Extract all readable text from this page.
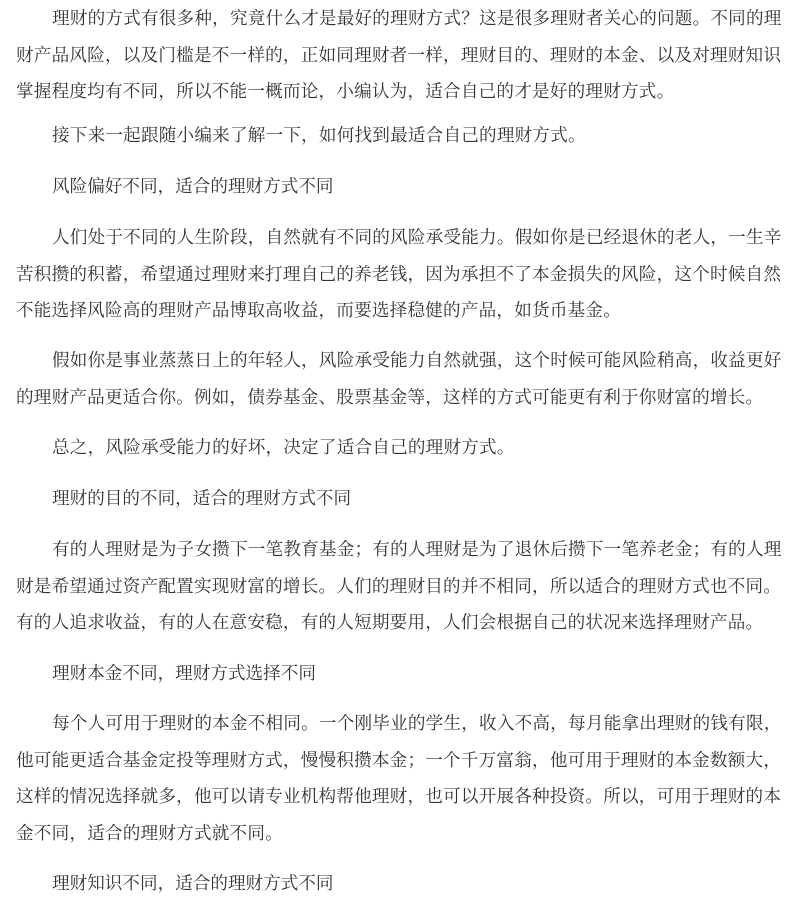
理财的方式有很多种，究竟什么才是最好的理财方式？这是很多理财者关心的问题。不同的理财产品风险，以及门槛是不一样的，正如同理财者一样，理财目的、理财的本金、以及对理财知识掌握程度均有不同，所以不能一概而论，小编认为，适合自己的才是好的理财方式。

接下来一起跟随小编来了解一下，如何找到最适合自己的理财方式。

风险偏好不同，适合的理财方式不同

人们处于不同的人生阶段，自然就有不同的风险承受能力。假如你是已经退休的老人，一生辛苦积攒的积蓄，希望通过理财来打理自己的养老钱，因为承担不了本金损失的风险，这个时候自然不能选择风险高的理财产品博取高收益，而要选择稳健的产品，如货币基金。

假如你是事业蒸蒸日上的年轻人，风险承受能力自然就强，这个时候可能风险稍高，收益更好的理财产品更适合你。例如，债券基金、股票基金等，这样的方式可能更有利于你财富的增长。

总之，风险承受能力的好坏，决定了适合自己的理财方式。

理财的目的不同，适合的理财方式不同

有的人理财是为子女攒下一笔教育基金；有的人理财是为了退休后攒下一笔养老金；有的人理财是希望通过资产配置实现财富的增长。人们的理财目的并不相同，所以适合的理财方式也不同。有的人追求收益，有的人在意安稳，有的人短期要用，人们会根据自己的状况来选择理财产品。

理财本金不同，理财方式选择不同

每个人可用于理财的本金不相同。一个刚毕业的学生，收入不高，每月能拿出理财的钱有限，他可能更适合基金定投等理财方式，慢慢积攒本金；一个千万富翁，他可用于理财的本金数额大，这样的情况选择就多，他可以请专业机构帮他理财，也可以开展各种投资。所以，可用于理财的本金不同，适合的理财方式就不同。

理财知识不同，适合的理财方式不同
